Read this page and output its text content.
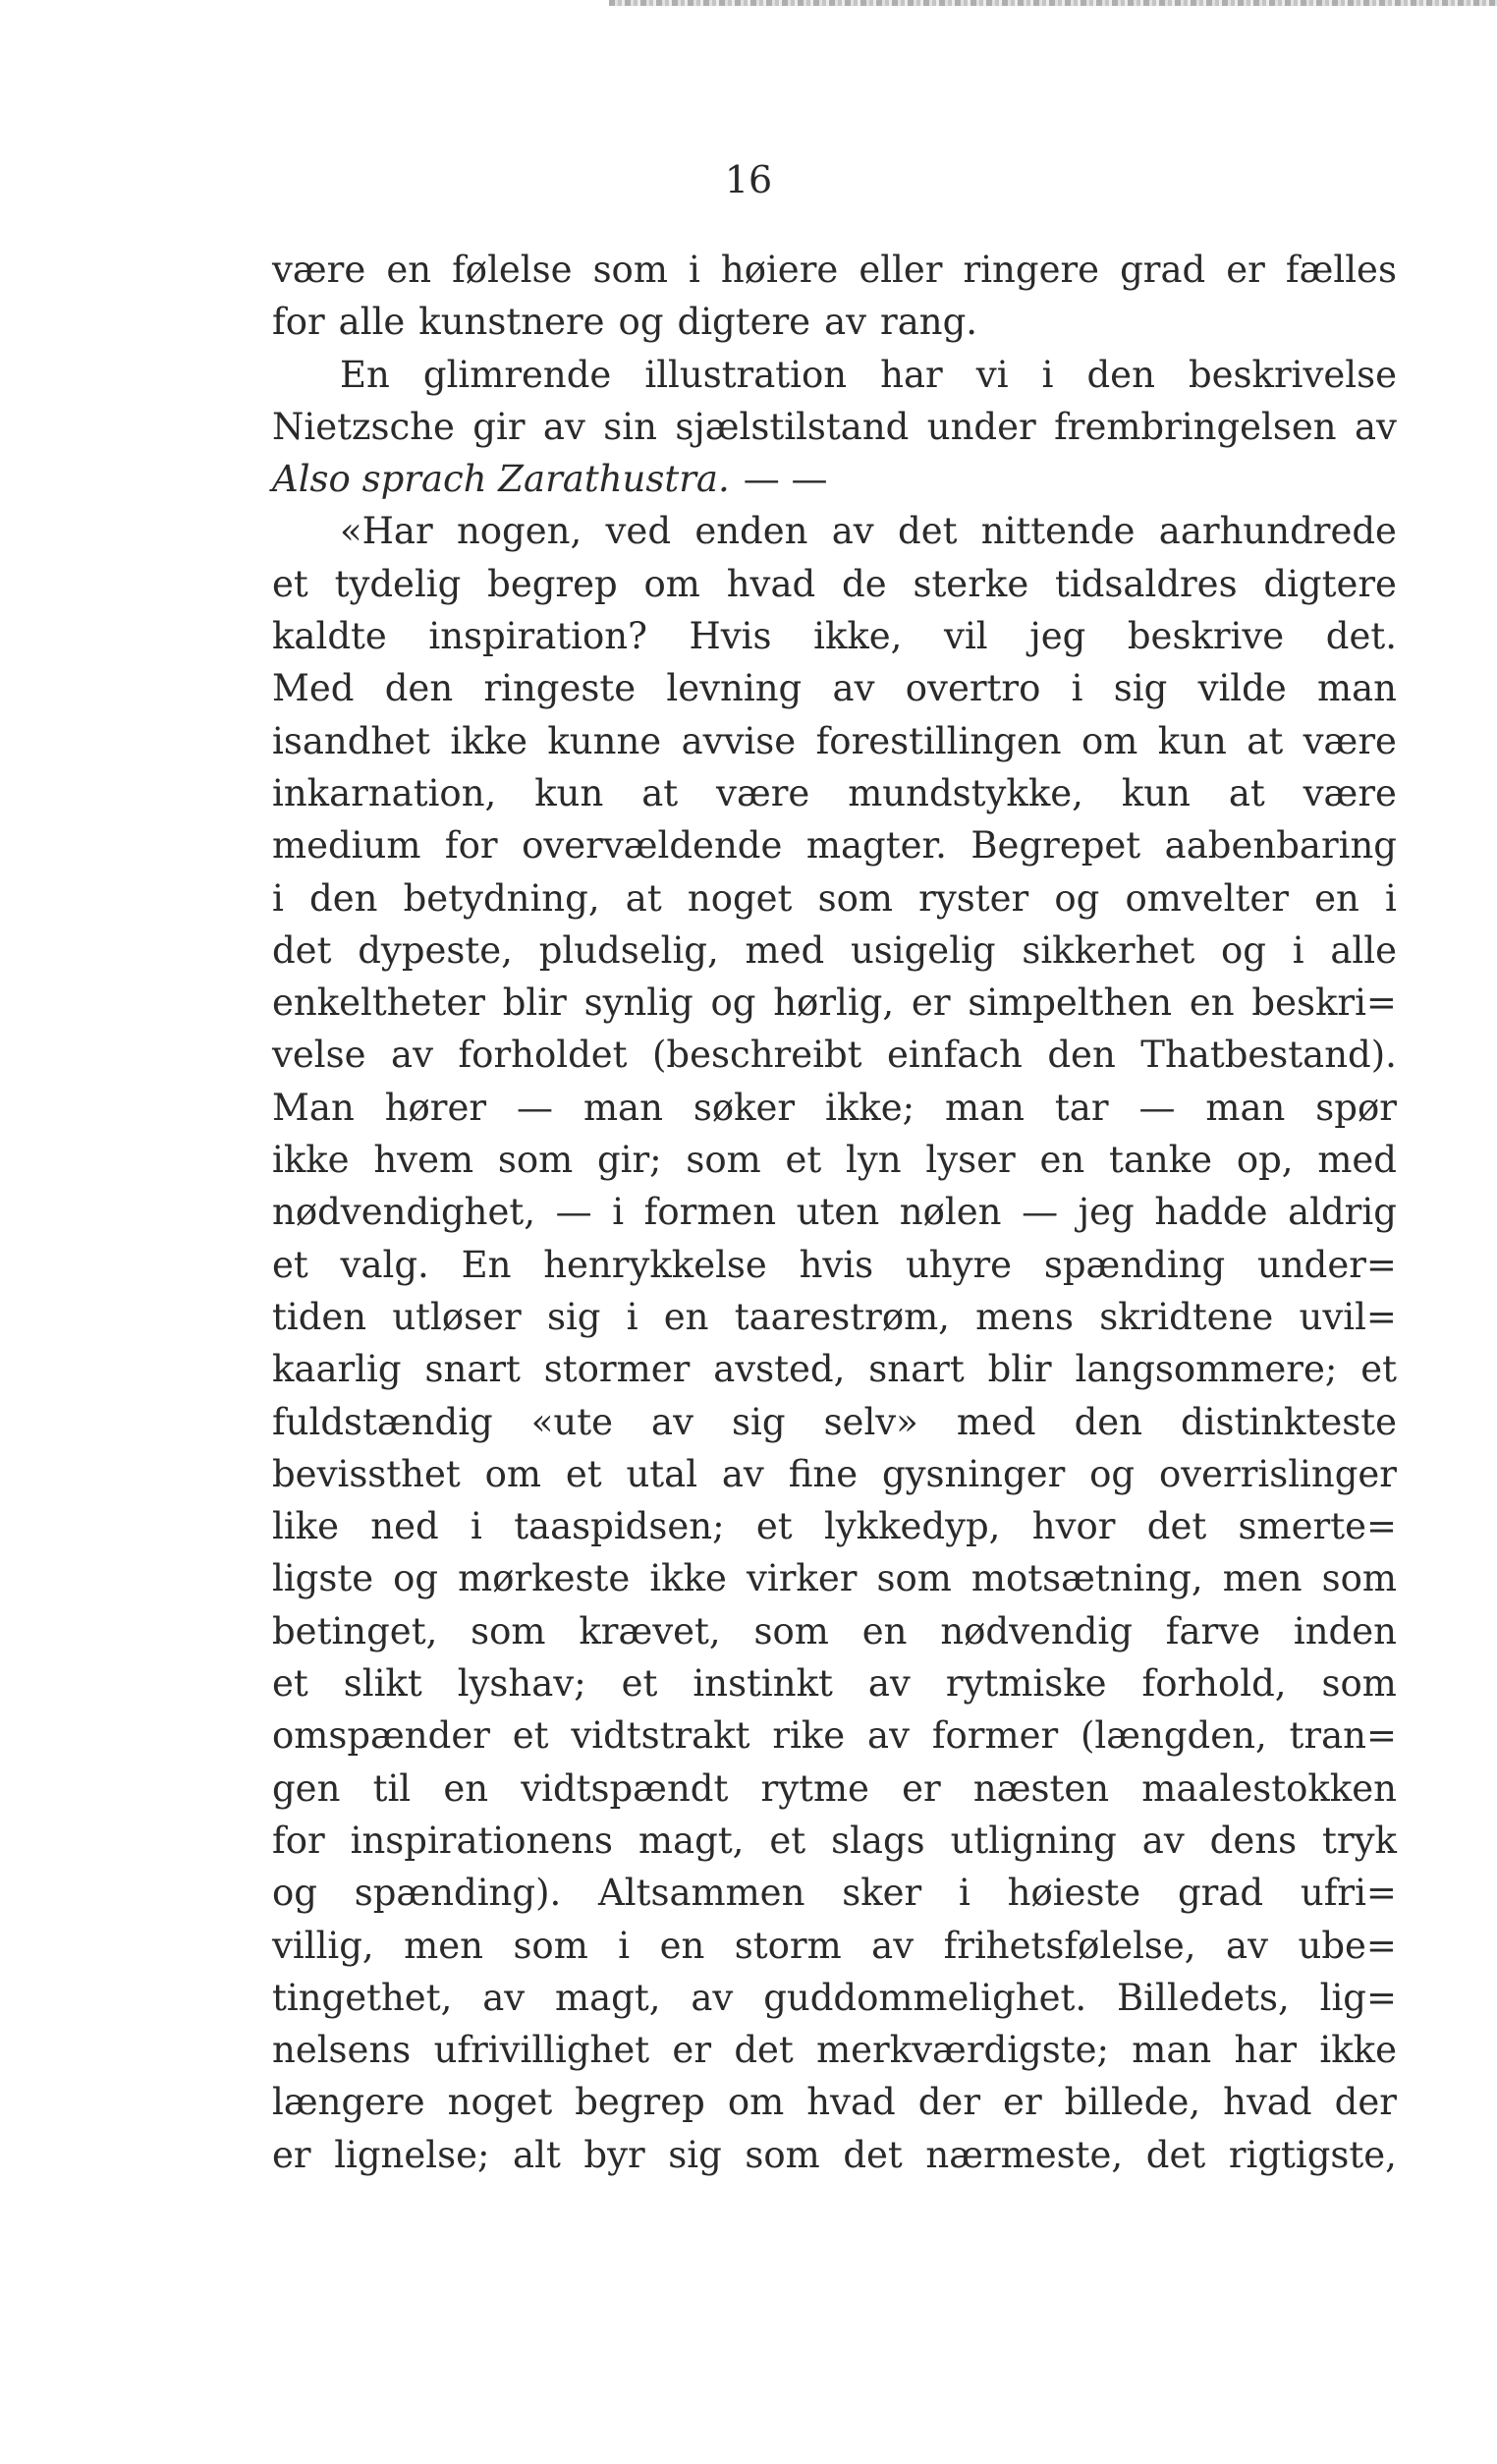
16
være en følelse som i høiere eller ringere grad er fælles
for alle kunstnere og digtere av rang.
En glimrende illustration har vi i den beskrivelse
Nietzsche gir av sin sjælstilstand under frembringelsen av
Also sprach Zarathustra. — —
«Har nogen, ved enden av det nittende aarhundrede
et tydelig begrep om hvad de sterke tidsaldres digtere
kaldte inspiration? Hvis ikke, vil jeg beskrive det.
Med den ringeste levning av overtro i sig vilde man
isandhet ikke kunne avvise forestillingen om kun at være
inkarnation, kun at være mundstykke, kun at være
medium for overvældende magter. Begrepet aabenbaring
i den betydning, at noget som ryster og omvelter en i
det dypeste, pludselig, med usigelig sikkerhet og i alle
enkeltheter blir synlig og hørlig, er simpelthen en beskri=
velse av forholdet (beschreibt einfach den Thatbestand).
Man hører — man søker ikke; man tar — man spør
ikke hvem som gir; som et lyn lyser en tanke op, med
nødvendighet, — i formen uten nølen — jeg hadde aldrig
et valg. En henrykkelse hvis uhyre spænding under=
tiden utløser sig i en taarestrøm, mens skridtene uvil=
kaarlig snart stormer avsted, snart blir langsommere; et
fuldstændig «ute av sig selv» med den distinkteste
bevissthet om et utal av fine gysninger og overrislinger
like ned i taaspidsen; et lykkedyp, hvor det smerte=
ligste og mørkeste ikke virker som motsætning, men som
betinget, som krævet, som en nødvendig farve inden
et slikt lyshav; et instinkt av rytmiske forhold, som
omspænder et vidtstrakt rike av former (længden, tran=
gen til en vidtspændt rytme er næsten maalestokken
for inspirationens magt, et slags utligning av dens tryk
og spænding). Altsammen sker i høieste grad ufri=
villig, men som i en storm av frihetsfølelse, av ube=
tingethet, av magt, av guddommelighet. Billedets, lig=
nelsens ufrivillighet er det merkværdigste; man har ikke
længere noget begrep om hvad der er billede, hvad der
er lignelse; alt byr sig som det nærmeste, det rigtigste,
